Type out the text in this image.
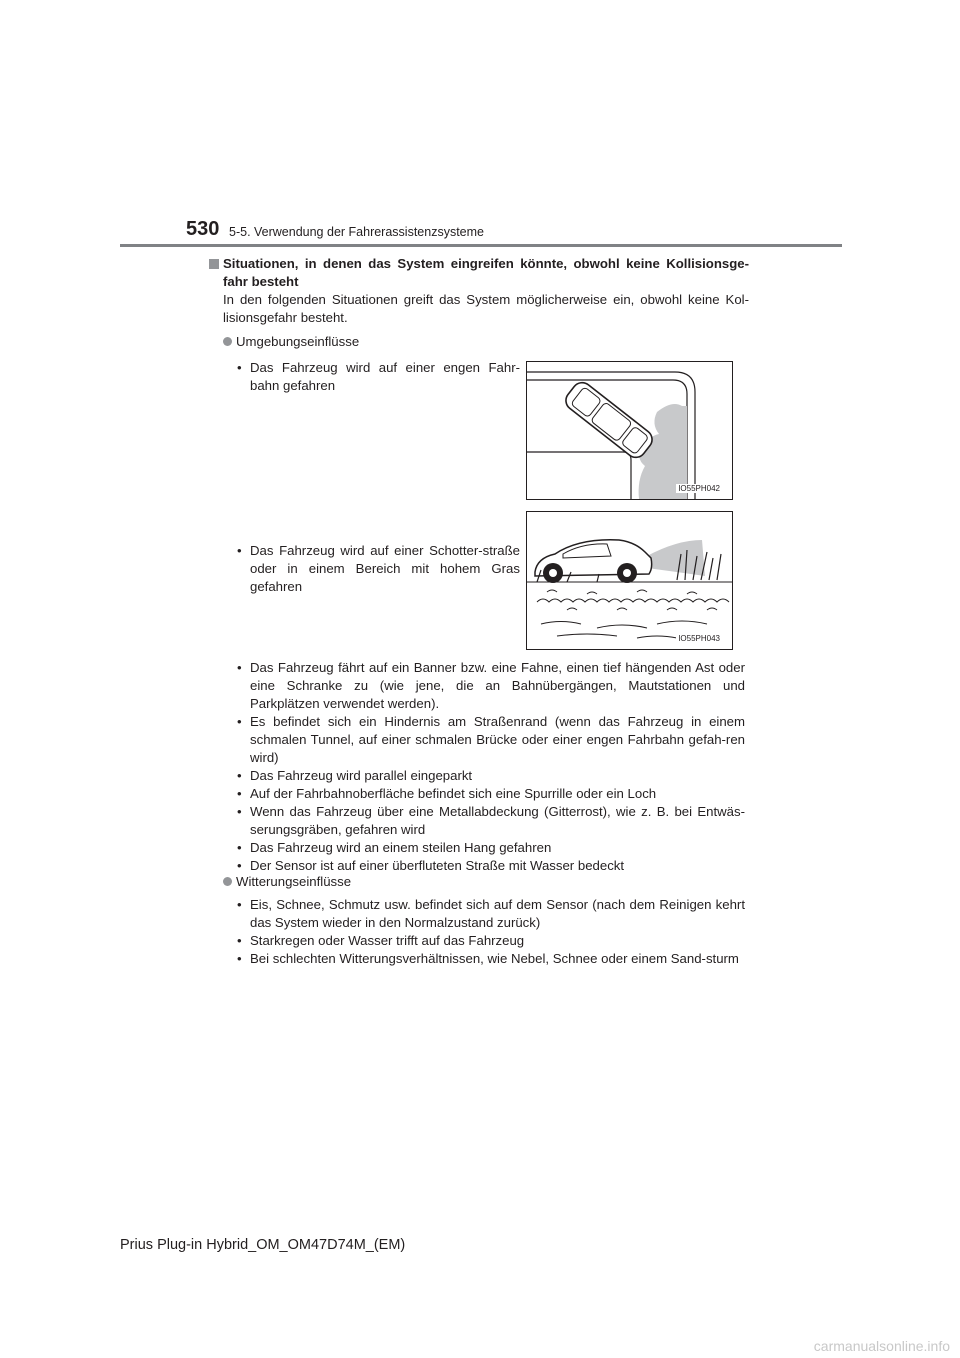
530 5-5. Verwendung der Fahrerassistenzsysteme
Situationen, in denen das System eingreifen könnte, obwohl keine Kollisionsge-fahr besteht
In den folgenden Situationen greift das System möglicherweise ein, obwohl keine Kol-lisionsgefahr besteht.
Umgebungseinflüsse
• Das Fahrzeug wird auf einer engen Fahr-bahn gefahren
IO55PH042
• Das Fahrzeug wird auf einer Schotter-straße oder in einem Bereich mit hohem Gras gefahren
IO55PH043
• Das Fahrzeug fährt auf ein Banner bzw. eine Fahne, einen tief hängenden Ast oder eine Schranke zu (wie jene, die an Bahnübergängen, Mautstationen und Parkplätzen verwendet werden).
• Es befindet sich ein Hindernis am Straßenrand (wenn das Fahrzeug in einem schmalen Tunnel, auf einer schmalen Brücke oder einer engen Fahrbahn gefah-ren wird)
• Das Fahrzeug wird parallel eingeparkt
• Auf der Fahrbahnoberfläche befindet sich eine Spurrille oder ein Loch
• Wenn das Fahrzeug über eine Metallabdeckung (Gitterrost), wie z. B. bei Entwäs-serungsgräben, gefahren wird
• Das Fahrzeug wird an einem steilen Hang gefahren
• Der Sensor ist auf einer überfluteten Straße mit Wasser bedeckt
Witterungseinflüsse
• Eis, Schnee, Schmutz usw. befindet sich auf dem Sensor (nach dem Reinigen kehrt das System wieder in den Normalzustand zurück)
• Starkregen oder Wasser trifft auf das Fahrzeug
• Bei schlechten Witterungsverhältnissen, wie Nebel, Schnee oder einem Sand-sturm
Prius Plug-in Hybrid_OM_OM47D74M_(EM)
carmanualsonline.info
